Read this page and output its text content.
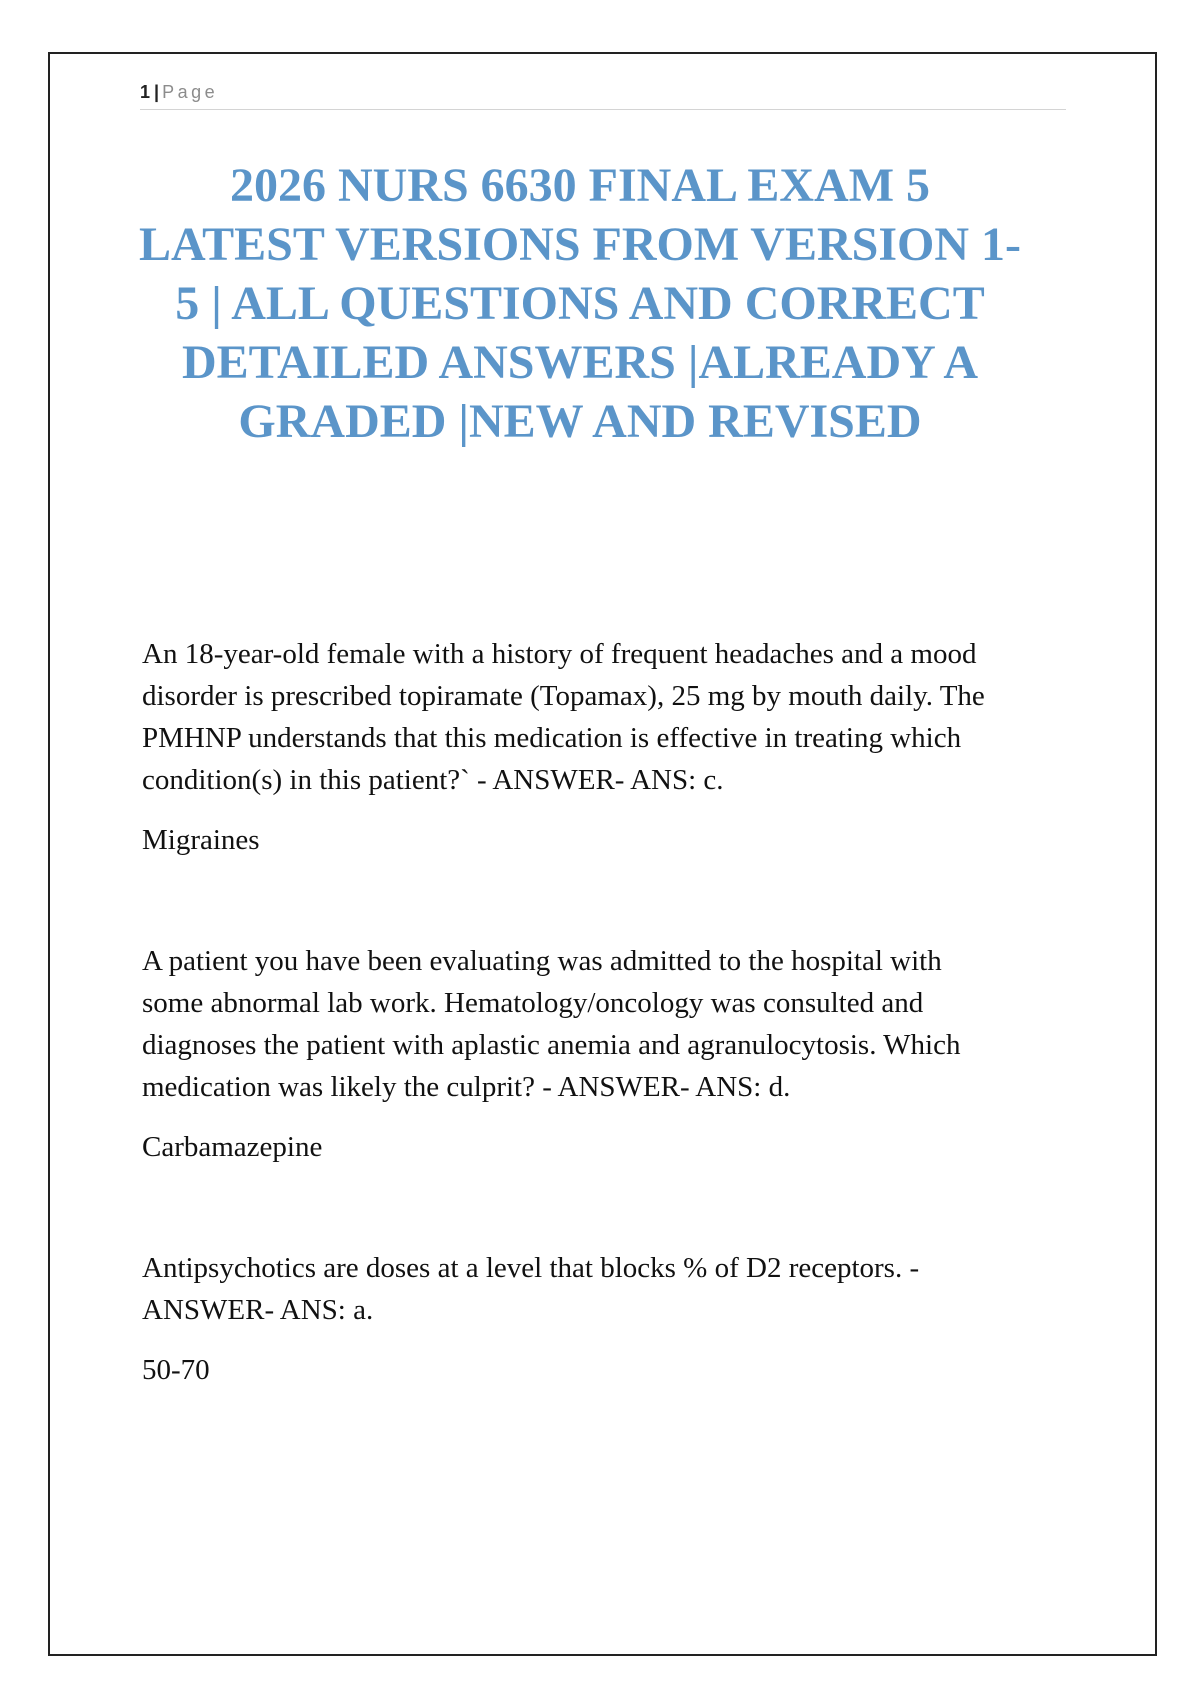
1 | Page
2026 NURS 6630 FINAL EXAM 5
LATEST VERSIONS FROM VERSION 1-
5 | ALL QUESTIONS AND CORRECT
DETAILED ANSWERS |ALREADY A
GRADED |NEW AND REVISED

An 18-year-old female with a history of frequent headaches and a mood
disorder is prescribed topiramate (Topamax), 25 mg by mouth daily. The
PMHNP understands that this medication is effective in treating which
condition(s) in this patient?` - ANSWER- ANS: c.

Migraines

A patient you have been evaluating was admitted to the hospital with
some abnormal lab work. Hematology/oncology was consulted and
diagnoses the patient with aplastic anemia and agranulocytosis. Which
medication was likely the culprit? - ANSWER- ANS: d.

Carbamazepine

Antipsychotics are doses at a level that blocks % of D2 receptors. -
ANSWER- ANS: a.

50-70
